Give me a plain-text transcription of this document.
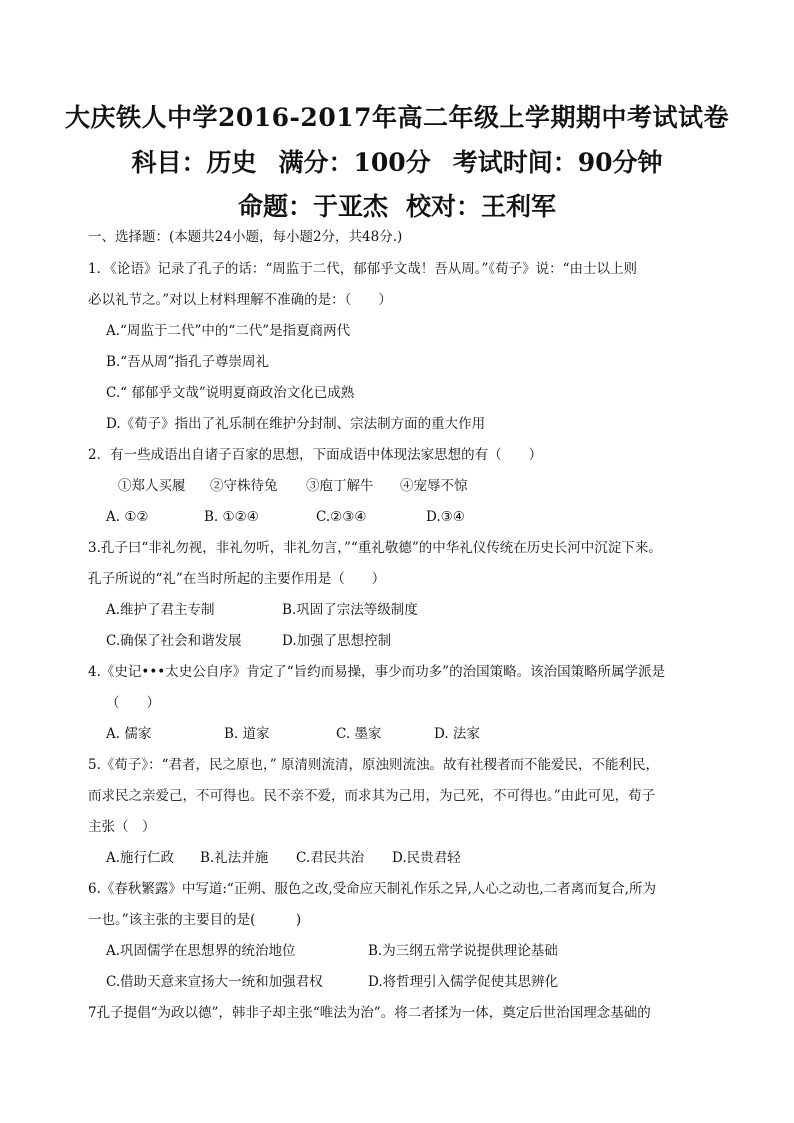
大庆铁人中学2016-2017年高二年级上学期期中考试试卷
科目：历史 满分：100分 考试时间：90分钟
命题：于亚杰 校对：王利军
一、选择题：(本题共24小题，每小题2分，共48分.)
1．《论语》记录了孔子的话：“周监于二代，郁郁乎文哉！吾从周。”《荀子》说：“由士以上则
必以礼节之。”对以上材料理解不准确的是：（　　）
A.“周监于二代”中的“二代”是指夏商两代
B.“吾从周”指孔子尊崇周礼
C.“ 郁郁乎文哉”说明夏商政治文化已成熟
D.《荀子》指出了礼乐制在维护分封制、宗法制方面的重大作用
2．有一些成语出自诸子百家的思想，下面成语中体现法家思想的有（　　）
①郑人买履 ②守株待兔 ③庖丁解牛 ④宠辱不惊
A. ①②	B. ①②④	C.②③④	D.③④
3.孔子曰“非礼勿视，非礼勿听，非礼勿言，”“重礼敬德”的中华礼仪传统在历史长河中沉淀下来。
孔子所说的“礼”在当时所起的主要作用是（　　）
A.维护了君主专制	B.巩固了宗法等级制度
C.确保了社会和谐发展	D.加强了思想控制
4.《史记•••太史公自序》肯定了“旨约而易操，事少而功多”的治国策略。该治国策略所属学派是
（　　）
A. 儒家	B. 道家	C. 墨家	D. 法家
5.《荀子》：“君者，民之原也，” 原清则流清，原浊则流浊。故有社稷者而不能爱民，不能利民，
而求民之亲爱己，不可得也。民不亲不爱，而求其为己用，为己死，不可得也。”由此可见，荀子
主张（　）
A.施行仁政 B.礼法并施 C.君民共治 D.民贵君轻
6.《春秋繁露》中写道:“正朔、服色之改,受命应天制礼作乐之异,人心之动也,二者离而复合,所为
一也。”该主张的主要目的是(　　　)
A.巩固儒学在思想界的统治地位	B.为三纲五常学说提供理论基础
C.借助天意来宣扬大一统和加强君权	D.将哲理引入儒学促使其思辨化
7孔子提倡“为政以德”，韩非子却主张“唯法为治”。将二者揉为一体，奠定后世治国理念基础的
